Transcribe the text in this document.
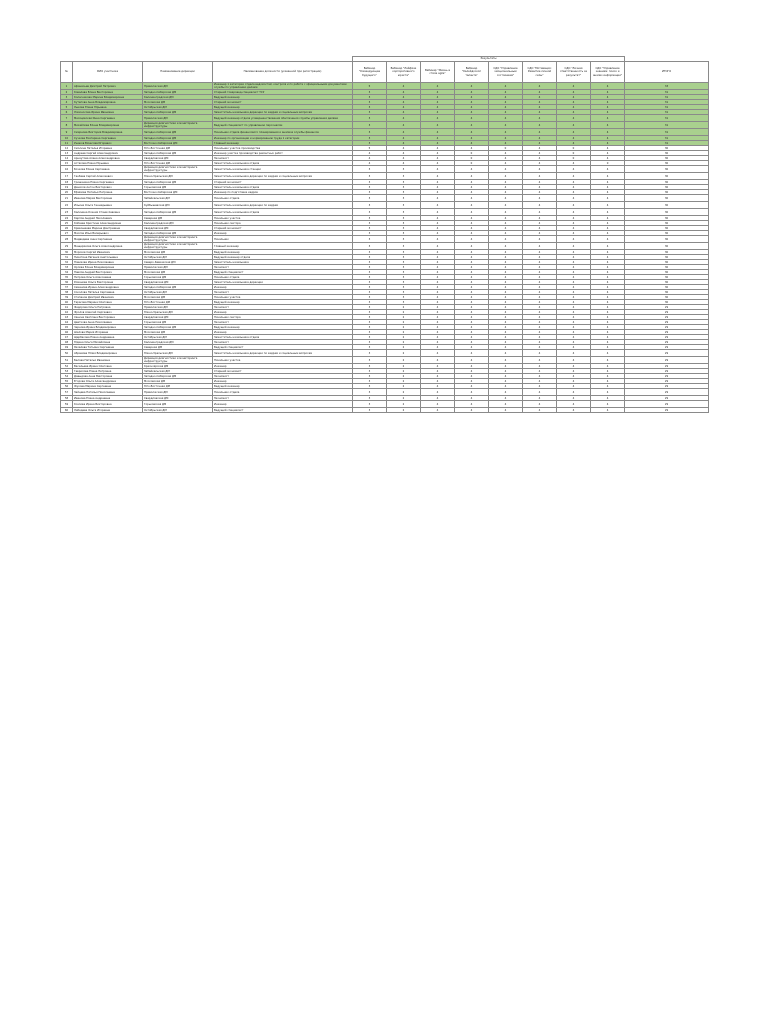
				Результаты								
№	ФИО участника	Наименование дирекции	Наименование должности (указанной при регистрации)	Вебинар "Командующие будущего"	Вебинар "Лайфхак корпоративного юриста"	Вебинар "Жизнь в стиле agile"	Вебинар "Калейдоскоп таланта"	СДО "Управление эмоциональным состоянием"	СДО "Мотивация: Развитие личной силы"	СДО "Личная ответственность за результат"	СДО "Управление знанием: поиск и анализ информации"	ИТОГО
1	Афанасьев Дмитрий Петрович	Приволжская ДМ	Инженер 1 категории отдела ведомостей, контроля и по работе с официальными документами службы по управлению делами	5	4	4	4	4	4	4	4	33
2	Ковалева Елена Викторовна	Западно-Сибирская ДМ	Старший товаровед-специалист ТСУ	3	4	4	4	4	4	4	4	31
3	Колесникова Марина Владимировна	Калининградская ДМ	Ведущий инженер	3	4	4	4	4	4	4	4	31
4	Кутепова Анна Владимировна	Московская ДМ	Старший экономист	3	4	4	4	4	4	4	4	31
5	Лыкова Елена Юрьевна	Октябрьская ДМ	Ведущий инженер	3	4	4	4	4	4	4	4	31
6	Ломоносова Ирина Ивановна	Западно-Сибирская ДМ	Заместитель начальника дирекции по кадрам и социальным вопросам	3	4	4	4	4	4	4	4	31
7	Месяцовская Инна Сергеевна	Приволжская ДМ	Ведущий инженер отдела усовершенствования обеспечения службы управления делами	3	4	4	4	4	4	4	4	31
8	Михайлова Елена Владимировна	Дирекция диагностики и мониторинга инфраструктуры	Ведущий специалист по управлению персоналом	3	4	4	4	4	4	4	4	31
9	Смирнова Виктория Владимировна	Западно-Сибирская ДМ	Начальник отдела финансового планирования и анализа службы финансов	3	4	4	4	4	4	4	4	31
10	Сучкова Екатерина Сергеевна	Западно-Сибирская ДМ	Инженер по организации и нормированию труда 1 категории	3	4	4	4	4	4	4	4	31
11	Ушаков Вячеслав Игоревич	Восточно-Сибирская ДМ	Главный инженер	3	4	4	4	4	4	4	4	31
12	Смолина Наталья Игоревна	Юго-Восточная ДМ	Начальник участка производства	5	4	4	4	0	4	0	4	30
13	Андреев Сергей Александрович	Западно-Сибирская ДМ	Инженер участка производства ремонтных работ	4	4	4	0	4	4	0	4	30
14	Арнаутова Алена Александровна	Свердловская ДМ	Экономист	4	4	4	0	4	4	0	4	30
15	Астахова Елена Юрьевна	Юго-Восточная ДМ	Заместитель начальника отдела	4	4	4	0	4	4	4	0	30
16	Бочкова Елена Сергеевна	Дирекция диагностики и мониторинга инфраструктуры	Заместитель начальника станции	3	3	4	4	4	4	4	4	30
17	Ганбаев Сергей Алексеевич	Южно-Уральская ДМ	Заместитель начальника дирекции по кадрам и социальным вопросам	3	3	4	4	4	4	4	4	30
18	Гришанина Елена Сергеевна	Западно-Сибирская ДМ	Старший экономист	3	3	4	4	4	4	4	4	30
19	Денисов Антон Викторович	Горьковская ДМ	Заместитель начальника отдела	3	3	4	4	4	4	4	4	30
20	Ефимова Наталья Петровна	Восточно-Сибирская ДМ	Инженер по подготовке кадров	3	3	4	4	4	4	4	4	30
21	Иванова Мария Викторовна	Забайкальская ДМ	Начальник отдела	3	3	4	4	4	4	4	4	30
22	Ильина Ольга Геннадьевна	Куйбышевская ДМ	Заместитель начальника дирекции по кадрам	3	3	4	4	4	4	4	4	30
23	Калинина Ксения Станиславовна	Западно-Сибирская ДМ	Заместитель начальника отдела	3	3	4	4	4	4	4	4	30
24	Карпов Андрей Николаевич	Северная ДМ	Начальник участка	3	3	4	4	4	4	4	4	30
25	Кобзева Кристина Александровна	Калининградская ДМ	Начальник сектора	3	3	4	4	4	4	4	4	30
26	Кривошеева Марина Дмитриевна	Свердловская ДМ	Старший экономист	3	3	4	4	4	4	4	4	30
27	Маслов Илья Валерьевич	Западно-Сибирская ДМ	Инженер	3	3	4	4	4	4	4	4	30
28	Медведева Анна Сергеевна	Дирекция диагностики и мониторинга инфраструктуры	Начальник	3	3	4	4	4	4	4	4	30
29	Мещерякова Ольга Александровна	Дирекция диагностики и мониторинга инфраструктуры	Главный инженер	3	3	4	4	4	4	4	4	30
30	Морозов Сергей Иванович	Московская ДМ	Ведущий инженер	3	3	4	4	4	4	4	4	30
31	Никитина Евгения Анатольевна	Октябрьская ДМ	Ведущий инженер отдела	3	3	4	4	4	4	4	4	30
32	Новикова Ирина Николаевна	Северо-Кавказская ДМ	Заместитель начальника	3	3	4	4	4	4	4	4	30
33	Орлова Елена Владимировна	Приволжская ДМ	Экономист	3	3	4	4	4	4	4	4	30
34	Павлов Андрей Викторович	Московская ДМ	Ведущий специалист	3	3	4	4	4	4	4	4	30
35	Петрова Ольга Алексеевна	Горьковская ДМ	Начальник отдела	3	3	4	4	4	4	4	4	30
36	Романова Ольга Викторовна	Свердловская ДМ	Заместитель начальника дирекции	3	3	4	4	4	4	4	4	30
37	Семенова Ирина Александровна	Западно-Сибирская ДМ	Инженер	3	3	4	4	4	4	4	4	30
38	Соколова Наталья Сергеевна	Октябрьская ДМ	Экономист	3	3	4	4	4	4	4	4	30
39	Степанов Дмитрий Иванович	Московская ДМ	Начальник участка	3	3	4	4	4	4	4	4	30
40	Тарасова Марина Олеговна	Юго-Восточная ДМ	Ведущий инженер	3	3	4	4	4	4	4	4	30
41	Федорова Ольга Петровна	Приволжская ДМ	Экономист	3	2	4	4	4	4	4	4	29
42	Фролов Алексей Сергеевич	Южно-Уральская ДМ	Инженер	3	2	4	4	4	4	4	4	29
43	Ханина Светлана Викторовна	Свердловская ДМ	Начальник сектора	3	2	4	4	4	4	4	4	29
44	Цветкова Анна Николаевна	Горьковская ДМ	Экономист	3	2	4	4	4	4	4	4	29
45	Чернова Ирина Владимировна	Западно-Сибирская ДМ	Ведущий инженер	3	2	4	4	4	4	4	4	29
46	Шилова Мария Игоревна	Московская ДМ	Инженер	3	2	4	4	4	4	4	4	29
47	Щербакова Елена Андреевна	Октябрьская ДМ	Заместитель начальника отдела	3	2	4	4	4	4	4	4	29
48	Юдина Ольга Михайловна	Калининградская ДМ	Экономист	3	2	4	4	4	4	4	4	29
49	Яковлева Татьяна Сергеевна	Северная ДМ	Ведущий специалист	3	2	4	4	4	4	4	4	29
50	Абрамова Юлия Владимировна	Южно-Уральская ДМ	Заместитель начальника дирекции по кадрам и социальным вопросам	3	2	4	4	4	4	4	4	29
51	Белова Наталья Ивановна	Дирекция диагностики и мониторинга инфраструктуры	Начальник участка	3	2	4	4	4	4	4	4	29
52	Васильева Ирина Олеговна	Красноярская ДМ	Инженер	3	2	4	4	4	4	4	4	29
53	Гаврилова Елена Петровна	Забайкальская ДМ	Старший экономист	3	2	4	4	4	4	4	4	29
54	Давыдова Анна Викторовна	Западно-Сибирская ДМ	Экономист	3	2	4	4	4	4	4	4	29
55	Егорова Ольга Александровна	Московская ДМ	Инженер	3	2	4	4	4	4	4	4	29
56	Жукова Марина Сергеевна	Юго-Восточная ДМ	Ведущий инженер	3	2	4	4	4	4	4	4	29
57	Зайцева Наталья Николаевна	Приволжская ДМ	Начальник отдела	3	2	4	4	4	4	4	4	29
58	Иванова Елена Андреевна	Свердловская ДМ	Экономист	3	2	4	4	4	4	4	4	29
59	Козлова Ирина Викторовна	Горьковская ДМ	Инженер	3	2	4	4	4	4	4	4	29
60	Лебедева Ольга Игоревна	Октябрьская ДМ	Ведущий специалист	3	2	4	4	4	4	4	4	29
